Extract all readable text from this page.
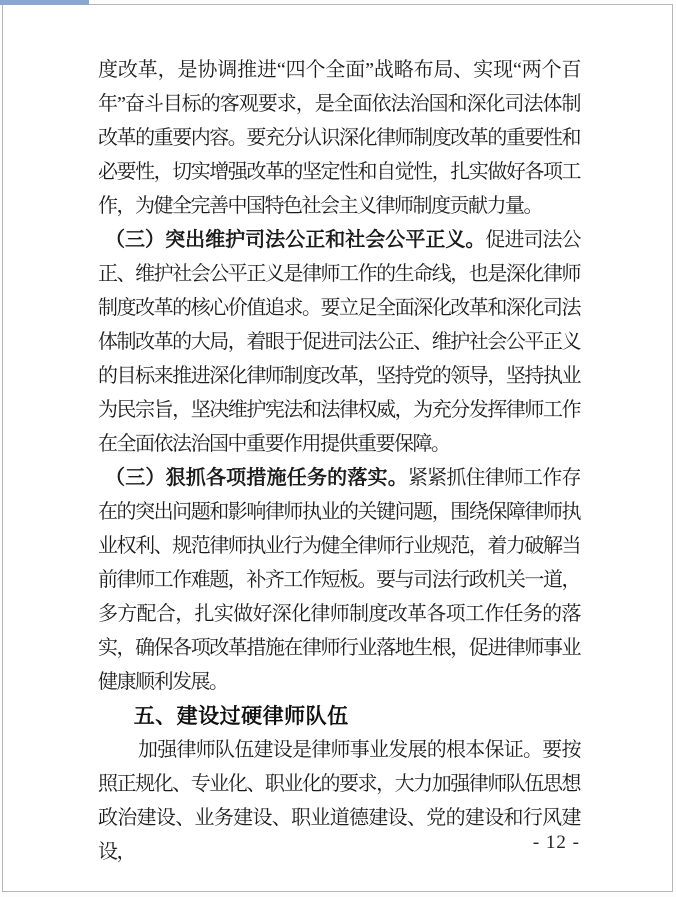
度改革，是协调推进“四个全面”战略布局、实现“两个百年”奋斗目标的客观要求，是全面依法治国和深化司法体制改革的重要内容。要充分认识深化律师制度改革的重要性和必要性，切实增强改革的坚定性和自觉性，扎实做好各项工作，为健全完善中国特色社会主义律师制度贡献力量。

（三）突出维护司法公正和社会公平正义。促进司法公正、维护社会公平正义是律师工作的生命线，也是深化律师制度改革的核心价值追求。要立足全面深化改革和深化司法体制改革的大局，着眼于促进司法公正、维护社会公平正义的目标来推进深化律师制度改革，坚持党的领导，坚持执业为民宗旨，坚决维护宪法和法律权威，为充分发挥律师工作在全面依法治国中重要作用提供重要保障。

（三）狠抓各项措施任务的落实。紧紧抓住律师工作存在的突出问题和影响律师执业的关键问题，围绕保障律师执业权利、规范律师执业行为健全律师行业规范，着力破解当前律师工作难题，补齐工作短板。要与司法行政机关一道，多方配合，扎实做好深化律师制度改革各项工作任务的落实，确保各项改革措施在律师行业落地生根，促进律师事业健康顺利发展。

五、建设过硬律师队伍

加强律师队伍建设是律师事业发展的根本保证。要按照正规化、专业化、职业化的要求，大力加强律师队伍思想政治建设、业务建设、职业道德建设、党的建设和行风建设，	- 12 -
